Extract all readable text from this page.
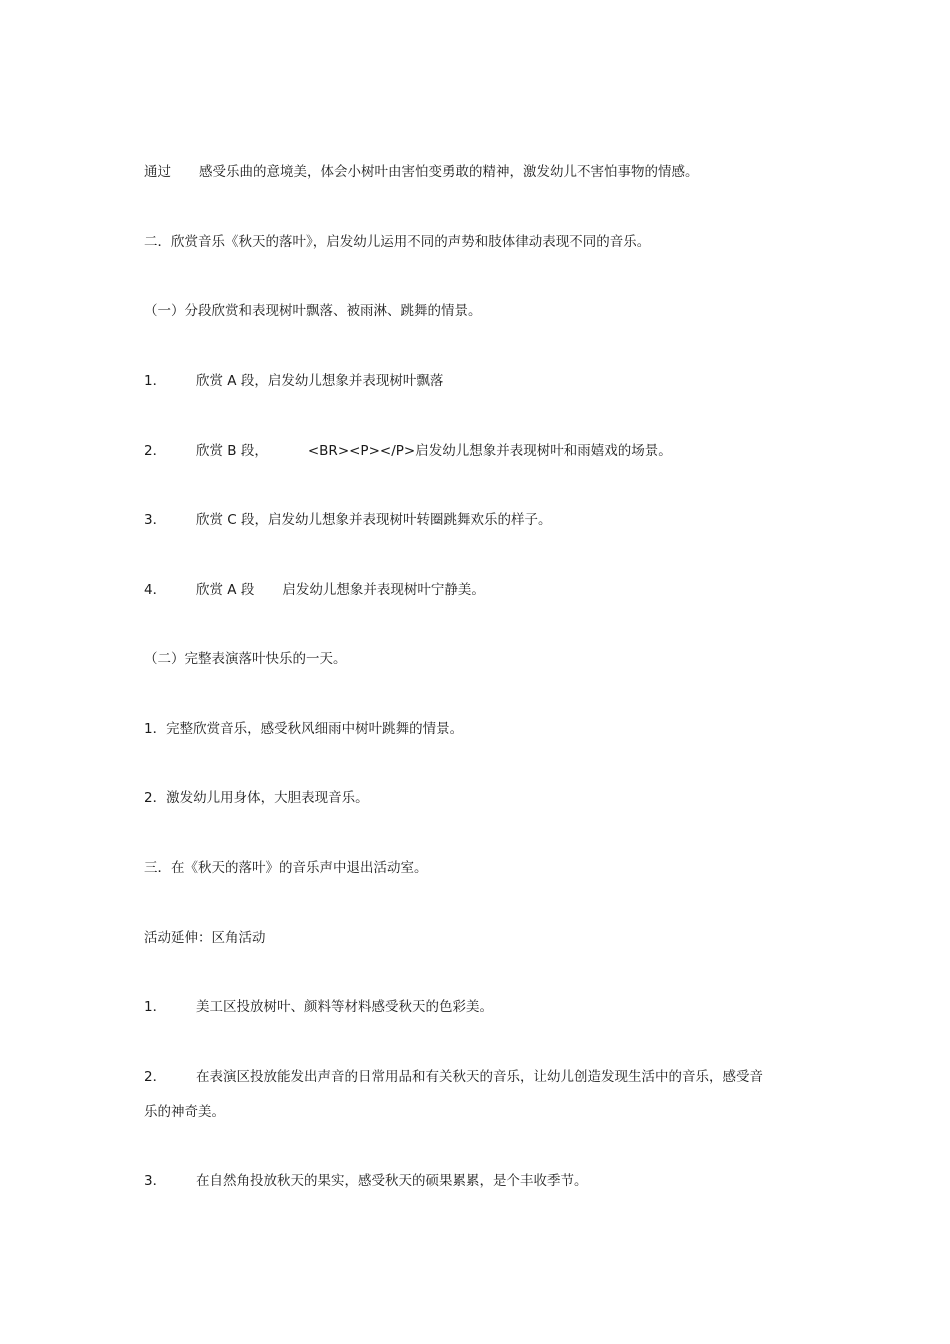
通过 感受乐曲的意境美，体会小树叶由害怕变勇敢的精神，激发幼儿不害怕事物的情感。
二．欣赏音乐《秋天的落叶》，启发幼儿运用不同的声势和肢体律动表现不同的音乐。
（一）分段欣赏和表现树叶飘落、被雨淋、跳舞的情景。
1． 欣赏 A 段，启发幼儿想象并表现树叶飘落
2． 欣赏 B 段，	<BR><P></P>启发幼儿想象并表现树叶和雨嬉戏的场景。
3． 欣赏 C 段，启发幼儿想象并表现树叶转圈跳舞欢乐的样子。
4． 欣赏 A 段 启发幼儿想象并表现树叶宁静美。
（二）完整表演落叶快乐的一天。
1．完整欣赏音乐，感受秋风细雨中树叶跳舞的情景。
2．激发幼儿用身体，大胆表现音乐。
三．在《秋天的落叶》的音乐声中退出活动室。
活动延伸：区角活动
1． 美工区投放树叶、颜料等材料感受秋天的色彩美。
2． 在表演区投放能发出声音的日常用品和有关秋天的音乐，让幼儿创造发现生活中的音乐，感受音
乐的神奇美。
3． 在自然角投放秋天的果实，感受秋天的硕果累累，是个丰收季节。
